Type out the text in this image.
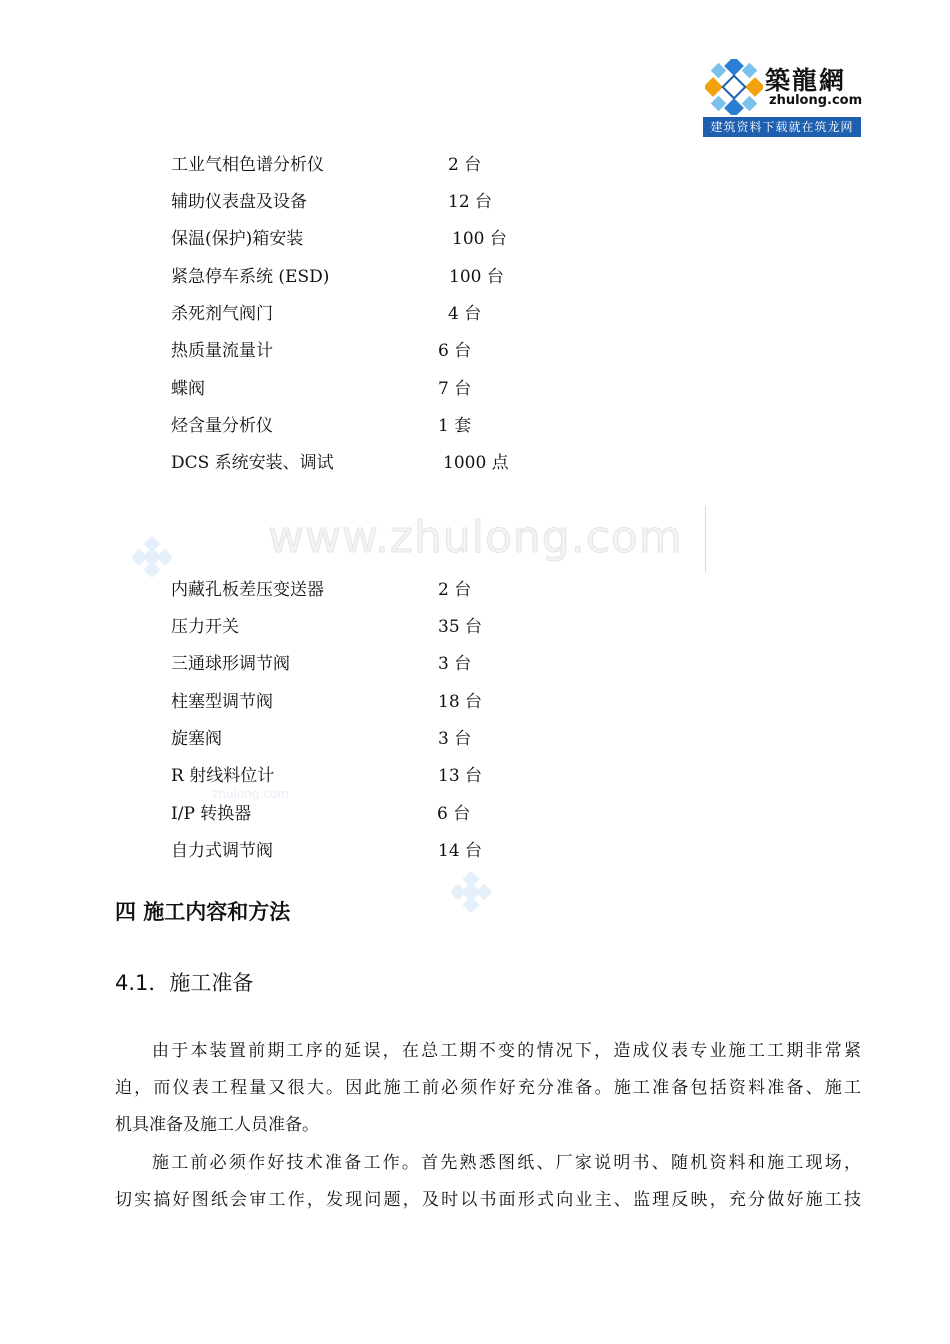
築龍網
zhulong.com
建筑资料下载就在筑龙网
工业气相色谱分析仪	2 台
辅助仪表盘及设备	12 台
保温(保护)箱安装	100 台
紧急停车系统 (ESD)	100 台
杀死剂气阀门	4 台
热质量流量计	6 台
蝶阀	7 台
烃含量分析仪	1 套
DCS 系统安装、调试	1000 点
www.zhulong.com
zhulong.com
内藏孔板差压变送器	2 台
压力开关	35 台
三通球形调节阀	3 台
柱塞型调节阀	18 台
旋塞阀	3 台
R 射线料位计	13 台
I/P 转换器	6 台
自力式调节阀	14 台
四 施工内容和方法
4.1．施工准备
由于本装置前期工序的延误，在总工期不变的情况下，造成仪表专业施工工期非常紧
迫，而仪表工程量又很大。因此施工前必须作好充分准备。施工准备包括资料准备、施工
机具准备及施工人员准备。
施工前必须作好技术准备工作。首先熟悉图纸、厂家说明书、随机资料和施工现场，
切实搞好图纸会审工作，发现问题，及时以书面形式向业主、监理反映，充分做好施工技
